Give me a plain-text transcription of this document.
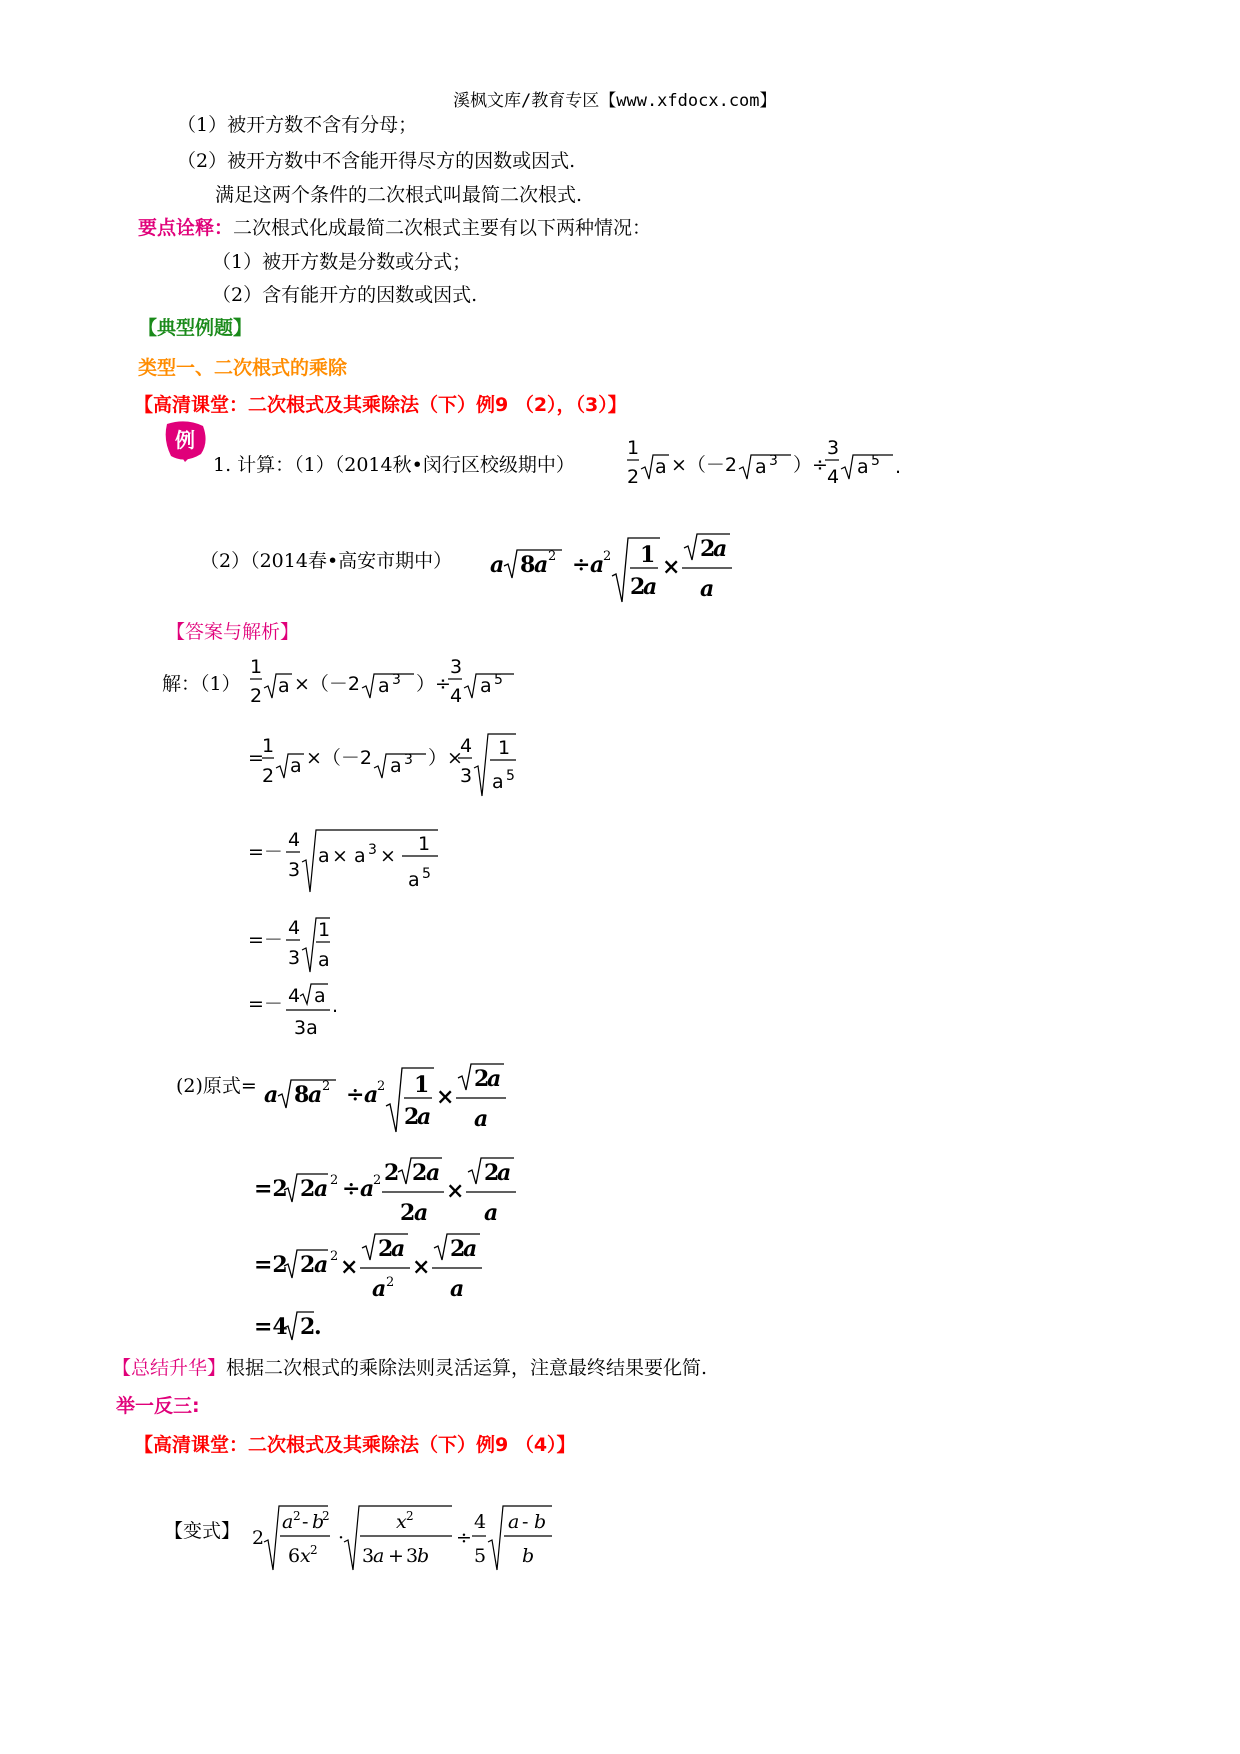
溪枫文库/教育专区【www.xfdocx.com】
（1）被开方数不含有分母；
（2）被开方数中不含能开得尽方的因数或因式.
满足这两个条件的二次根式叫最简二次根式.
要点诠释：二次根式化成最简二次根式主要有以下两种情况：
（1）被开方数是分数或分式；
（2）含有能开方的因数或因式.
【典型例题】
类型一、二次根式的乘除
【高清课堂：二次根式及其乘除法（下）例9 （2），（3）】
例
1. 计算：（1）（2014秋•闵行区校级期中）
1
2 a ×（－2 a 3 ）÷
3
4 a 5 .
（2）（2014春•高安市期中） a 8
a 2 ÷ a
2 1
2
a
×
2
a
a
【答案与解析】
解：（1）
1
2 a ×（－2 a 3 ）÷
3
4 a 5
=
1
2 a ×（－2 a 3 ）×
4
3
1
a 5
=－
4
3
a × a 3 ×
1
a 5
=－
4
3
1
a
=－ 4 a
3a
.
(2)原式= a 8
a 2 ÷ a
2 1
2
a
×
2
a
a
=2 2
a 2 ÷ a
2 2 2
a
2
a
×
2
a
a
=2 2
a 2 ×
2
a
a 2
×
2
a
a
=4 2
.
【总结升华】根据二次根式的乘除法则灵活运算，注意最终结果要化简.
举一反三:
【高清课堂：二次根式及其乘除法（下）例9 （4）】
【变式】 2
a 2 - b
2
6 x 2
·
x 2
3
a + 3
b
÷
4
5
a - b
b
